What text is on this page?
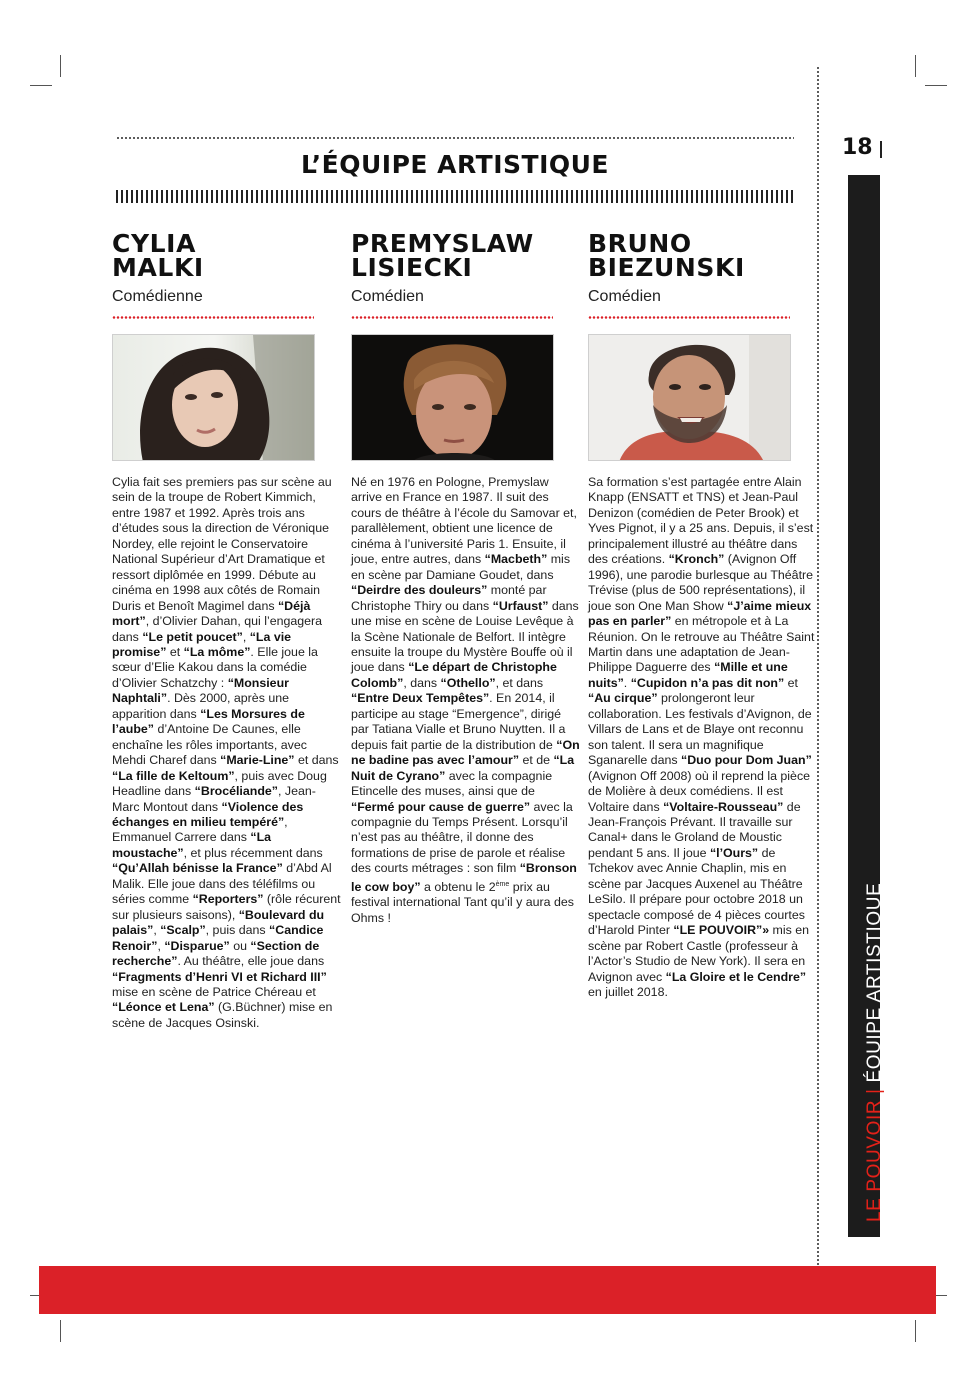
L’ÉQUIPE ARTISTIQUE
18
LE POUVOIR | ÉQUIPE ARTISTIQUE
CYLIA
MALKI
Comédienne
Cylia fait ses premiers pas sur scène au sein de la troupe de Robert Kimmich, entre 1987 et 1992. Après trois ans d’études sous la direction de Véronique Nordey, elle rejoint le Conservatoire National Supérieur d’Art Dramatique et ressort diplômée en 1999. Débute au cinéma en 1998 aux côtés de Romain Duris et Benoît Magimel dans “Déjà mort”, d’Olivier Dahan, qui l’engagera dans “Le petit poucet”, “La vie promise” et “La môme”. Elle joue la sœur d’Elie Kakou dans la comédie d’Olivier Schatzchy : “Monsieur Naphtali”. Dès 2000, après une apparition dans “Les Morsures de l’aube” d’Antoine De Caunes, elle enchaîne les rôles importants, avec Mehdi Charef dans “Marie-Line” et dans “La fille de Keltoum”, puis avec Doug Headline dans “Brocéliande”, Jean-Marc Montout dans “Violence des échanges en milieu tempéré”, Emmanuel Carrere dans “La moustache”, et plus récemment dans “Qu’Allah bénisse la France” d’Abd Al Malik. Elle joue dans des téléfilms ou séries comme “Reporters” (rôle récurent sur plusieurs saisons), “Boulevard du palais”, “Scalp”, puis dans “Candice Renoir”, “Disparue” ou “Section de recherche”. Au théâtre, elle joue dans “Fragments d’Henri VI et Richard III” mise en scène de Patrice Chéreau et “Léonce et Lena” (G.Büchner) mise en scène de Jacques Osinski.
PREMYSLAW
LISIECKI
Comédien
Né en 1976 en Pologne, Premyslaw arrive en France en 1987. Il suit des cours de théâtre à l’école du Samovar et, parallèlement, obtient une licence de cinéma à l’université Paris 1. Ensuite, il joue, entre autres, dans “Macbeth” mis en scène par Damiane Goudet, dans “Deirdre des douleurs” monté par Christophe Thiry ou dans “Urfaust” dans une mise en scène de Louise Levêque à la Scène Nationale de Belfort. Il intègre ensuite la troupe du Mystère Bouffe où il joue dans “Le départ de Christophe Colomb”, dans “Othello”, et dans “Entre Deux Tempêtes”. En 2014, il participe au stage “Emergence”, dirigé par Tatiana Vialle et Bruno Nuytten. Il a depuis fait partie de la distribution de “On ne badine pas avec l’amour” et de “La Nuit de Cyrano” avec la compagnie Etincelle des muses, ainsi que de “Fermé pour cause de guerre” avec la compagnie du Temps Présent. Lorsqu’il n’est pas au théâtre, il donne des formations de prise de parole et réalise des courts métrages : son film “Bronson le cow boy” a obtenu le 2ème prix au festival international Tant qu’il y aura des Ohms !
BRUNO
BIEZUNSKI
Comédien
Sa formation s’est partagée entre Alain Knapp (ENSATT et TNS) et Jean-Paul Denizon (comédien de Peter Brook) et Yves Pignot, il y a 25 ans. Depuis, il s’est principalement illustré au théâtre dans des créations. “Kronch” (Avignon Off 1996), une parodie burlesque au Théâtre Trévise (plus de 500 représentations), il joue son One Man Show “J’aime mieux pas en parler” en métropole et à La Réunion. On le retrouve au Théâtre Saint Martin dans une adaptation de Jean-Philippe Daguerre des “Mille et une nuits”. “Cupidon n’a pas dit non” et “Au cirque” prolongeront leur collaboration. Les festivals d’Avignon, de Villars de Lans et de Blaye ont reconnu son talent. Il sera un magnifique Sganarelle dans “Duo pour Dom Juan” (Avignon Off 2008) où il reprend la pièce de Molière à deux comédiens. Il est Voltaire dans “Voltaire-Rousseau” de Jean-François Prévant. Il travaille sur Canal+ dans le Groland de Moustic pendant 5 ans. Il joue “l’Ours” de Tchekov avec Annie Chaplin, mis en scène par Jacques Auxenel au Théâtre LeSilo. Il prépare pour octobre 2018 un spectacle composé de 4 pièces courtes d’Harold Pinter “LE POUVOIR”» mis en scène par Robert Castle (professeur à l’Actor’s Studio de New York). Il sera en Avignon avec “La Gloire et le Cendre” en juillet 2018.
